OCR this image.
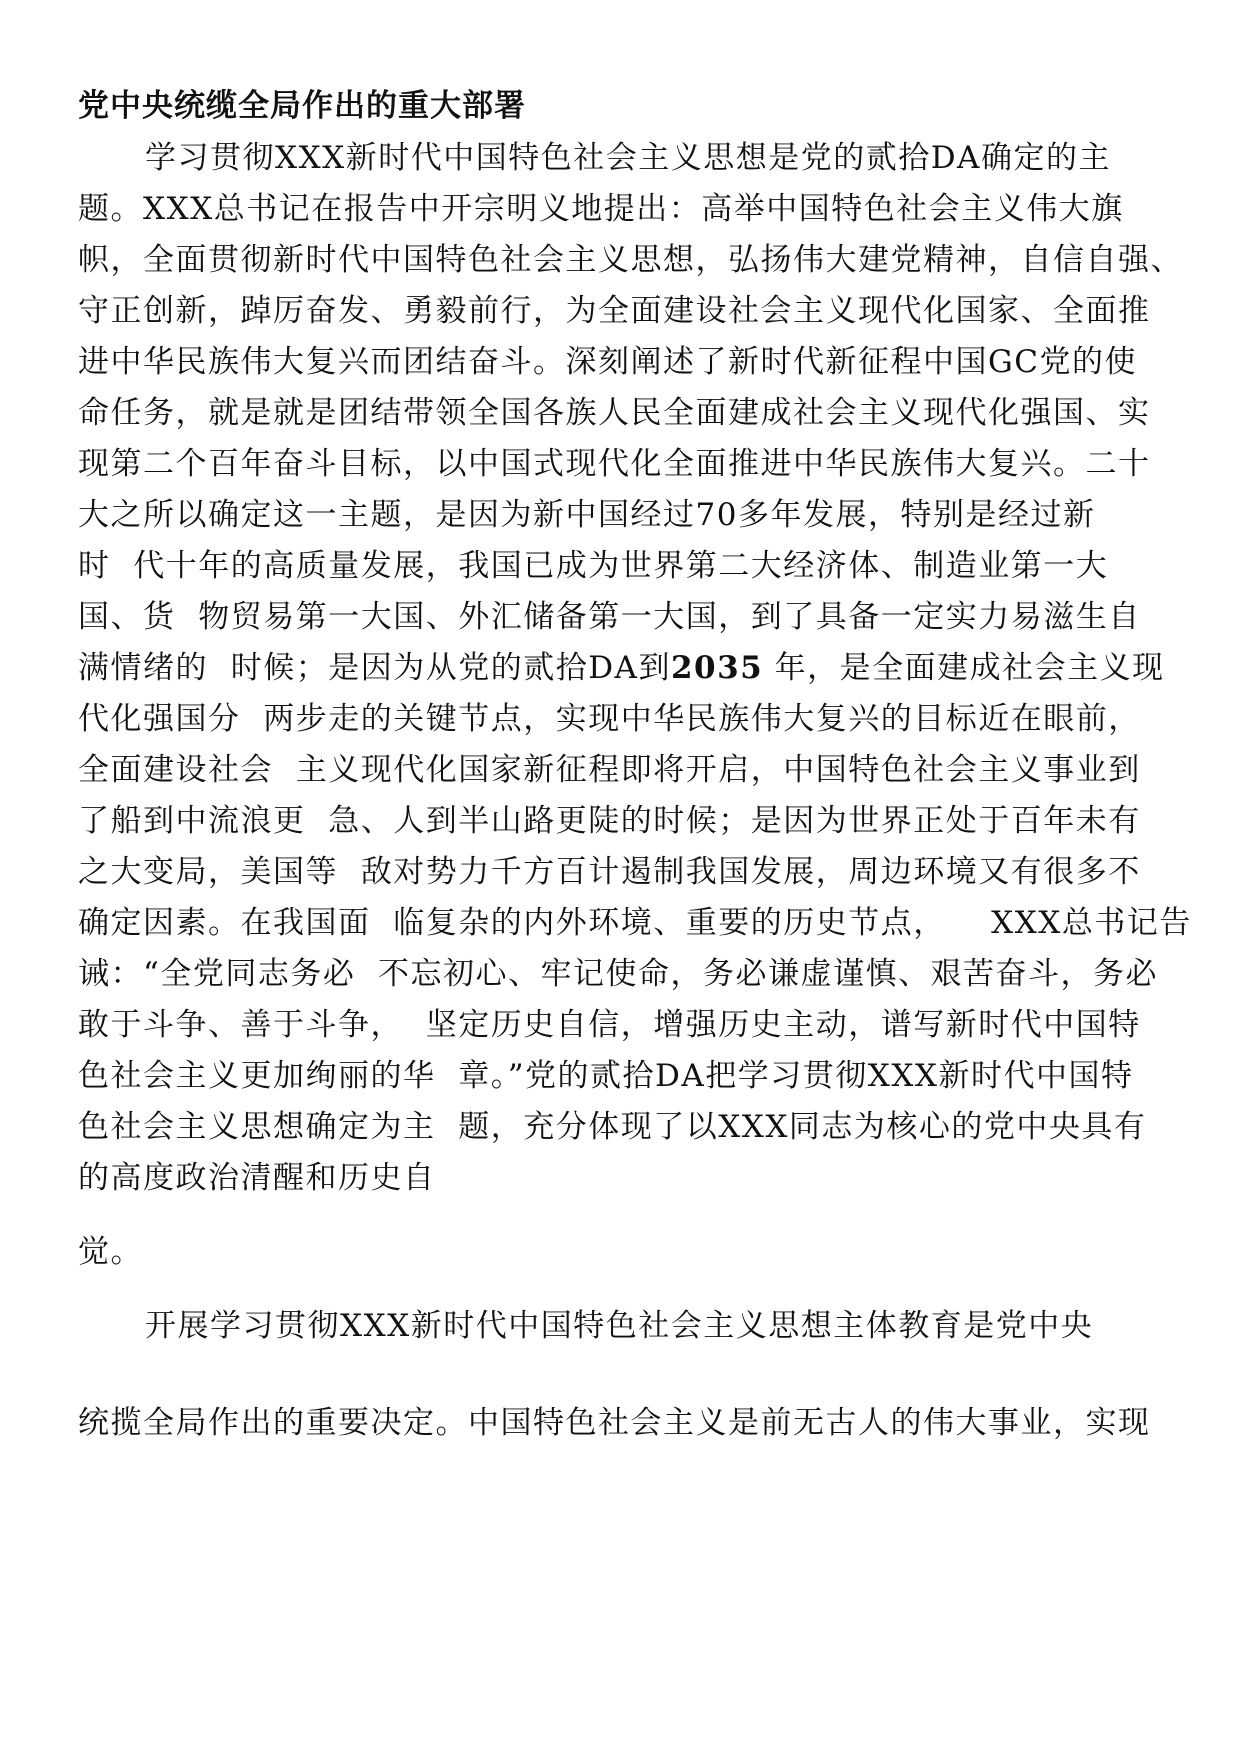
党中央统缆全局作出的重大部署
学习贯彻XXX新时代中国特色社会主义思想是党的贰拾DA确定的主
题。XXX总书记在报告中开宗明义地提出：高举中国特色社会主义伟大旗
帜，全面贯彻新时代中国特色社会主义思想，弘扬伟大建党精神，自信自强、
守正创新，踔厉奋发、勇毅前行，为全面建设社会主义现代化国家、全面推
进中华民族伟大复兴而团结奋斗。深刻阐述了新时代新征程中国GC党的使
命任务，就是就是团结带领全国各族人民全面建成社会主义现代化强国、实
现第二个百年奋斗目标，以中国式现代化全面推进中华民族伟大复兴。二十
大之所以确定这一主题，是因为新中国经过70多年发展，特别是经过新
时  代十年的高质量发展，我国已成为世界第二大经济体、制造业第一大
国、货  物贸易第一大国、外汇储备第一大国，到了具备一定实力易滋生自
满情绪的  时候；是因为从党的贰拾DA到2035 年，是全面建成社会主义现
代化强国分  两步走的关键节点，实现中华民族伟大复兴的目标近在眼前，
全面建设社会  主义现代化国家新征程即将开启，中国特色社会主义事业到
了船到中流浪更  急、人到半山路更陡的时候；是因为世界正处于百年未有
之大变局，美国等  敌对势力千方百计遏制我国发展，周边环境又有很多不
确定因素。在我国面  临复杂的内外环境、重要的历史节点，    XXX总书记告
诫：“全党同志务必  不忘初心、牢记使命，务必谦虚谨慎、艰苦奋斗，务必
敢于斗争、善于斗争，  坚定历史自信，增强历史主动，谱写新时代中国特
色社会主义更加绚丽的华  章。”党的贰拾DA把学习贯彻XXX新时代中国特
色社会主义思想确定为主  题，充分体现了以XXX同志为核心的党中央具有
的高度政治清醒和历史自
觉。
开展学习贯彻XXX新时代中国特色社会主义思想主体教育是党中央
统揽全局作出的重要决定。中国特色社会主义是前无古人的伟大事业，实现
